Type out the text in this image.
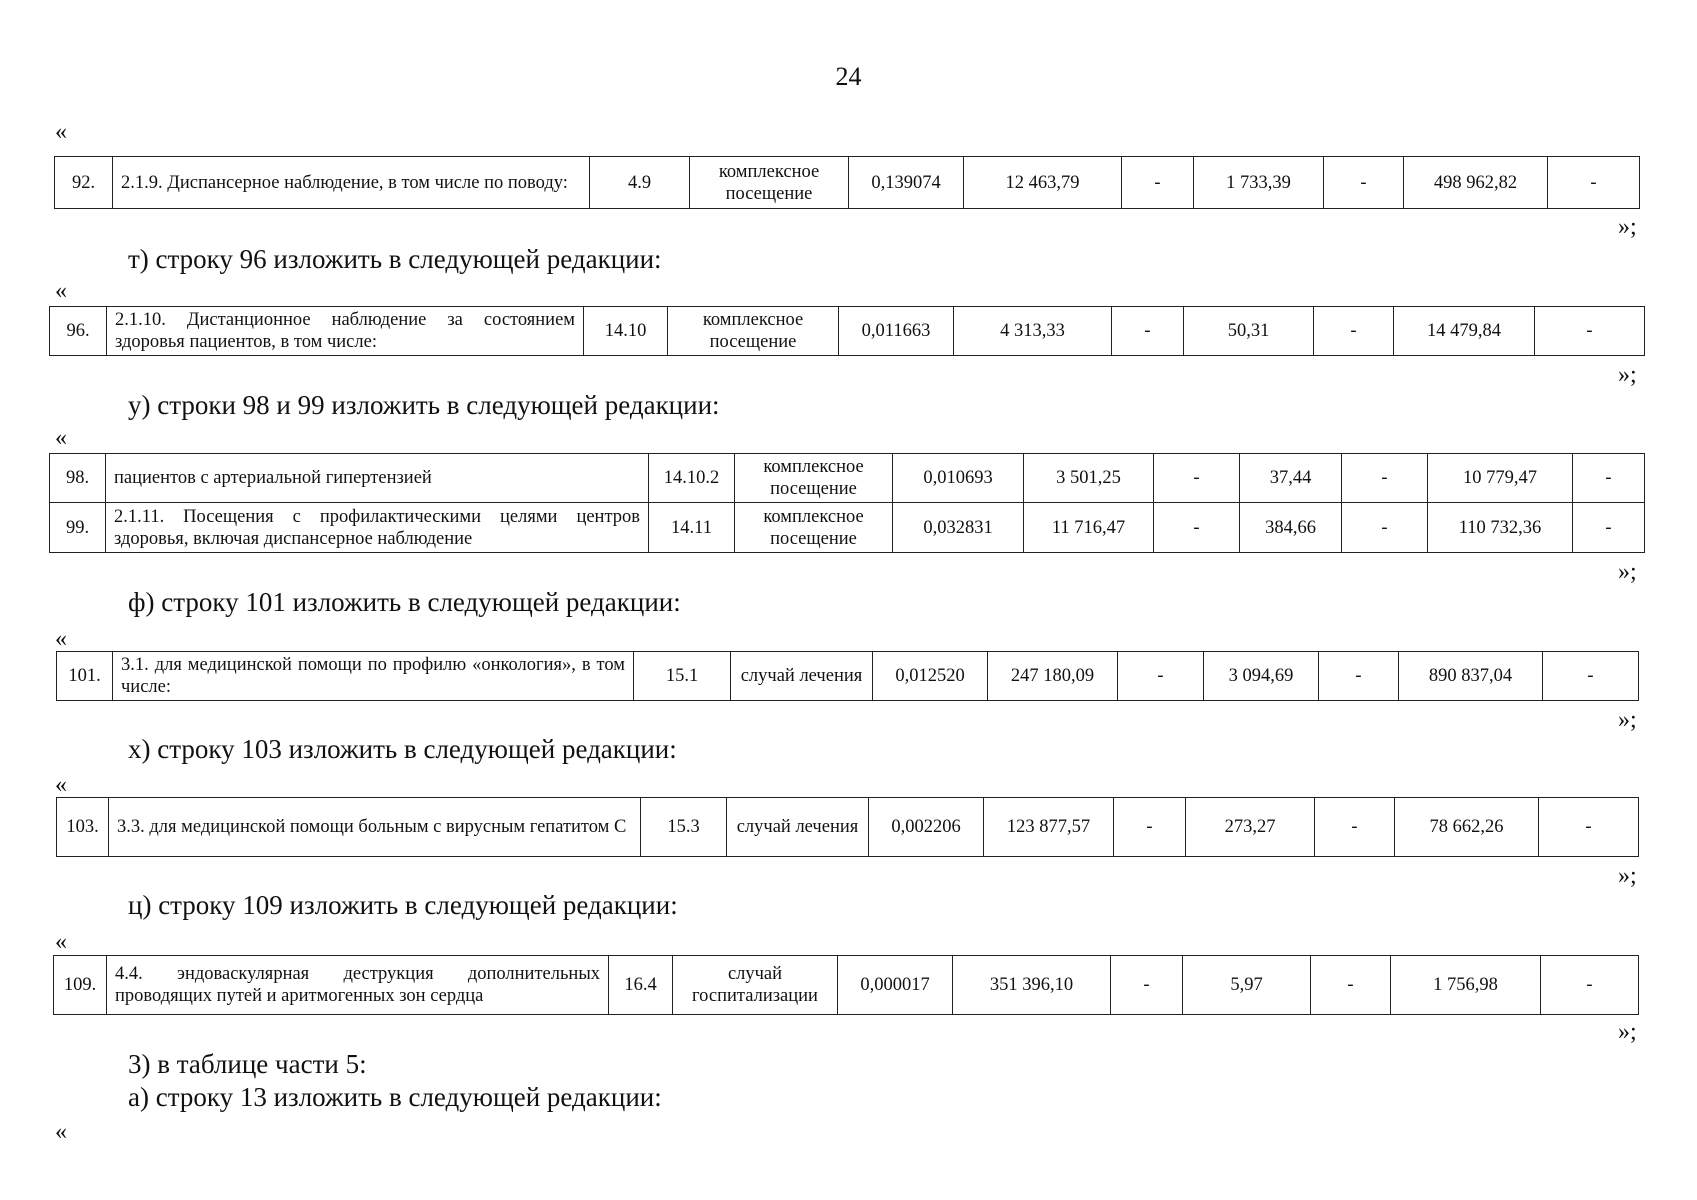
24
«
92.	2.1.9. Диспансерное наблюдение, в том числе по поводу:	4.9	комплексное посещение	0,139074	12 463,79	-	1 733,39	-	498 962,82	-
»;
т) строку 96 изложить в следующей редакции:
«
96.	2.1.10. Дистанционное наблюдение за состоянием здоровья пациентов, в том числе:	14.10	комплексное посещение	0,011663	4 313,33	-	50,31	-	14 479,84	-
»;
у) строки 98 и 99 изложить в следующей редакции:
«
98.	пациентов с артериальной гипертензией	14.10.2	комплексное посещение	0,010693	3 501,25	-	37,44	-	10 779,47	-
99.	2.1.11. Посещения с профилактическими целями центров здоровья, включая диспансерное наблюдение	14.11	комплексное посещение	0,032831	11 716,47	-	384,66	-	110 732,36	-
»;
ф) строку 101 изложить в следующей редакции:
«
101.	3.1. для медицинской помощи по профилю «онкология», в том числе:	15.1	случай лечения	0,012520	247 180,09	-	3 094,69	-	890 837,04	-
»;
х) строку 103 изложить в следующей редакции:
«
103.	3.3. для медицинской помощи больным с вирусным гепатитом С	15.3	случай лечения	0,002206	123 877,57	-	273,27	-	78 662,26	-
»;
ц) строку 109 изложить в следующей редакции:
«
109.	4.4. эндоваскулярная деструкция дополнительных проводящих путей и аритмогенных зон сердца	16.4	случай госпитализации	0,000017	351 396,10	-	5,97	-	1 756,98	-
»;
3) в таблице части 5:
а) строку 13 изложить в следующей редакции:
«
